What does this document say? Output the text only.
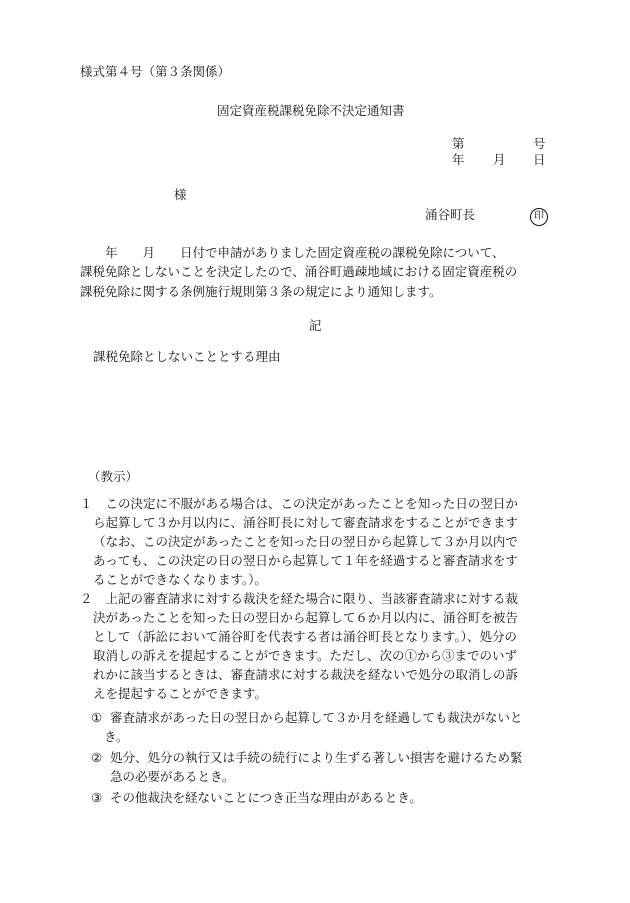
様式第４号（第３条関係）
固定資産税課税免除不決定通知書
第	号
年 月 日
様
涌谷町長	印
　　年　　月　　日付で申請がありました固定資産税の課税免除について、
課税免除としないことを決定したので、涌谷町過疎地域における固定資産税の
課税免除に関する条例施行規則第３条の規定により通知します。
記
課税免除としないこととする理由
（教示）
１ 　この決定に不服がある場合は、この決定があったことを知った日の翌日か
ら起算して３か月以内に、涌谷町長に対して審査請求をすることができます
（なお、この決定があったことを知った日の翌日から起算して３か月以内で
あっても、この決定の日の翌日から起算して１年を経過すると審査請求をす
ることができなくなります。）。
２ 　上記の審査請求に対する裁決を経た場合に限り、当該審査請求に対する裁
決があったことを知った日の翌日から起算して６か月以内に、涌谷町を被告
として（訴訟において涌谷町を代表する者は涌谷町長となります。）、処分の
取消しの訴えを提起することができます。ただし、次の①から③までのいず
れかに該当するときは、審査請求に対する裁決を経ないで処分の取消しの訴
えを提起することができます。
① 審査請求があった日の翌日から起算して３か月を経過しても裁決がないと
き。
② 処分、処分の執行又は手続の続行により生ずる著しい損害を避けるため緊
急の必要があるとき。
③ その他裁決を経ないことにつき正当な理由があるとき。
